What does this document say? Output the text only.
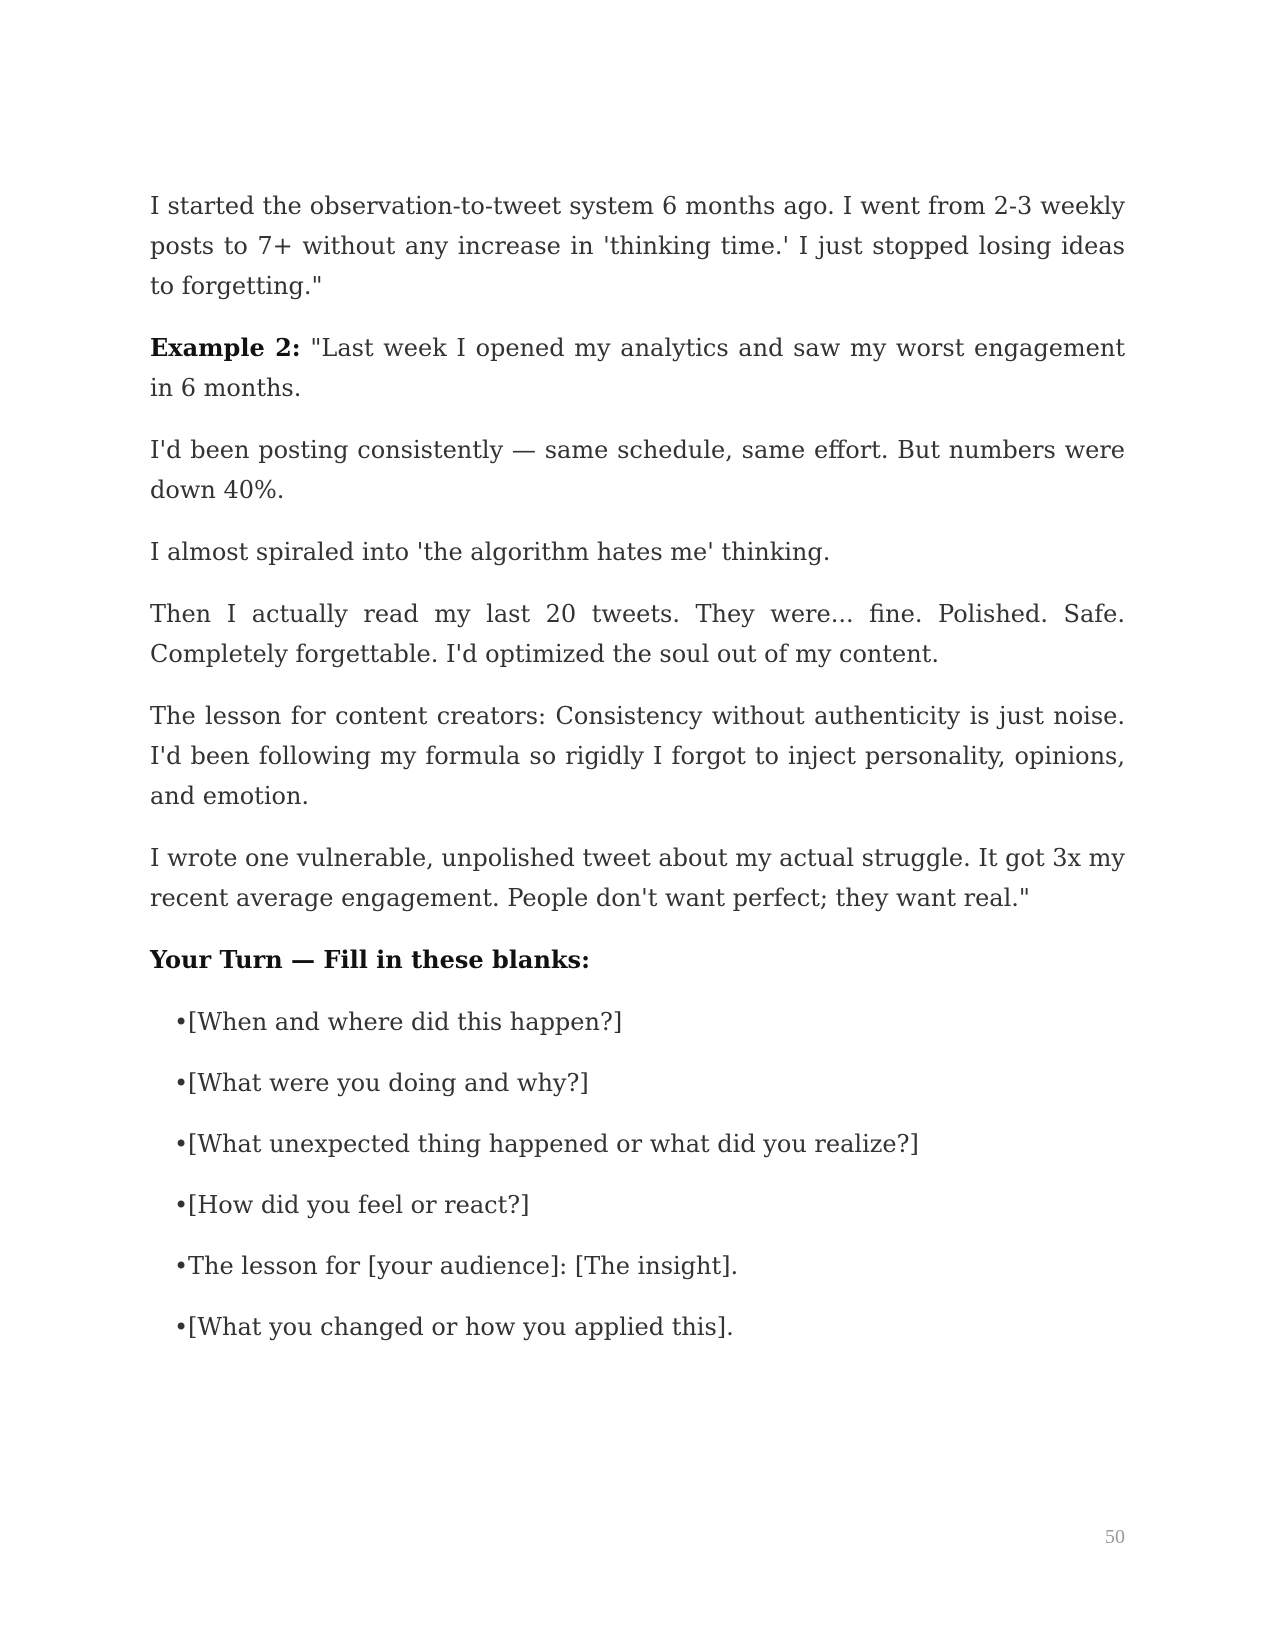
I started the observation-to-tweet system 6 months ago. I went from 2-3 weekly posts to 7+ without any increase in 'thinking time.' I just stopped losing ideas to forgetting."

Example 2: "Last week I opened my analytics and saw my worst engagement in 6 months.

I'd been posting consistently — same schedule, same effort. But numbers were down 40%.

I almost spiraled into 'the algorithm hates me' thinking.

Then I actually read my last 20 tweets. They were... fine. Polished. Safe. Completely forgettable. I'd optimized the soul out of my content.

The lesson for content creators: Consistency without authenticity is just noise. I'd been following my formula so rigidly I forgot to inject personality, opinions, and emotion.

I wrote one vulnerable, unpolished tweet about my actual struggle. It got 3x my recent average engagement. People don't want perfect; they want real."

Your Turn — Fill in these blanks:

•[When and where did this happen?]
•[What were you doing and why?]
•[What unexpected thing happened or what did you realize?]
•[How did you feel or react?]
•The lesson for [your audience]: [The insight].
•[What you changed or how you applied this].
50
